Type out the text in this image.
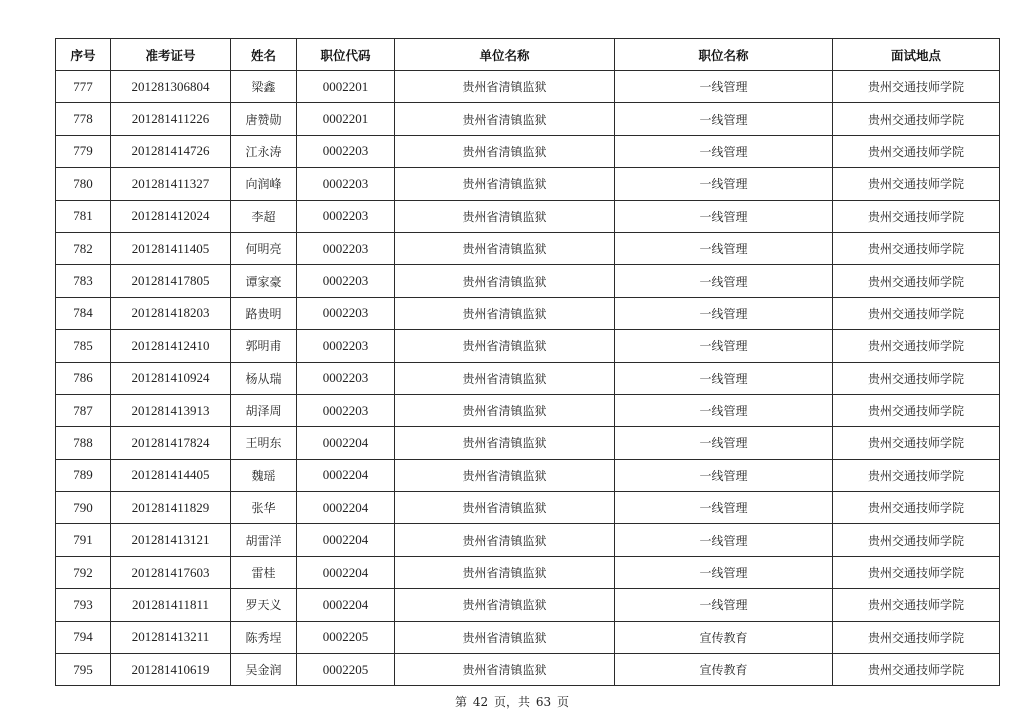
序号	准考证号	姓名	职位代码	单位名称	职位名称	面试地点
777	201281306804	梁鑫	0002201	贵州省清镇监狱	一线管理	贵州交通技师学院
778	201281411226	唐赞勋	0002201	贵州省清镇监狱	一线管理	贵州交通技师学院
779	201281414726	江永涛	0002203	贵州省清镇监狱	一线管理	贵州交通技师学院
780	201281411327	向润峰	0002203	贵州省清镇监狱	一线管理	贵州交通技师学院
781	201281412024	李超	0002203	贵州省清镇监狱	一线管理	贵州交通技师学院
782	201281411405	何明亮	0002203	贵州省清镇监狱	一线管理	贵州交通技师学院
783	201281417805	谭家豪	0002203	贵州省清镇监狱	一线管理	贵州交通技师学院
784	201281418203	路贵明	0002203	贵州省清镇监狱	一线管理	贵州交通技师学院
785	201281412410	郭明甫	0002203	贵州省清镇监狱	一线管理	贵州交通技师学院
786	201281410924	杨从瑞	0002203	贵州省清镇监狱	一线管理	贵州交通技师学院
787	201281413913	胡泽周	0002203	贵州省清镇监狱	一线管理	贵州交通技师学院
788	201281417824	王明东	0002204	贵州省清镇监狱	一线管理	贵州交通技师学院
789	201281414405	魏瑶	0002204	贵州省清镇监狱	一线管理	贵州交通技师学院
790	201281411829	张华	0002204	贵州省清镇监狱	一线管理	贵州交通技师学院
791	201281413121	胡雷洋	0002204	贵州省清镇监狱	一线管理	贵州交通技师学院
792	201281417603	雷桂	0002204	贵州省清镇监狱	一线管理	贵州交通技师学院
793	201281411811	罗天义	0002204	贵州省清镇监狱	一线管理	贵州交通技师学院
794	201281413211	陈秀埕	0002205	贵州省清镇监狱	宣传教育	贵州交通技师学院
795	201281410619	吴金润	0002205	贵州省清镇监狱	宣传教育	贵州交通技师学院
第 42 页，共 63 页
